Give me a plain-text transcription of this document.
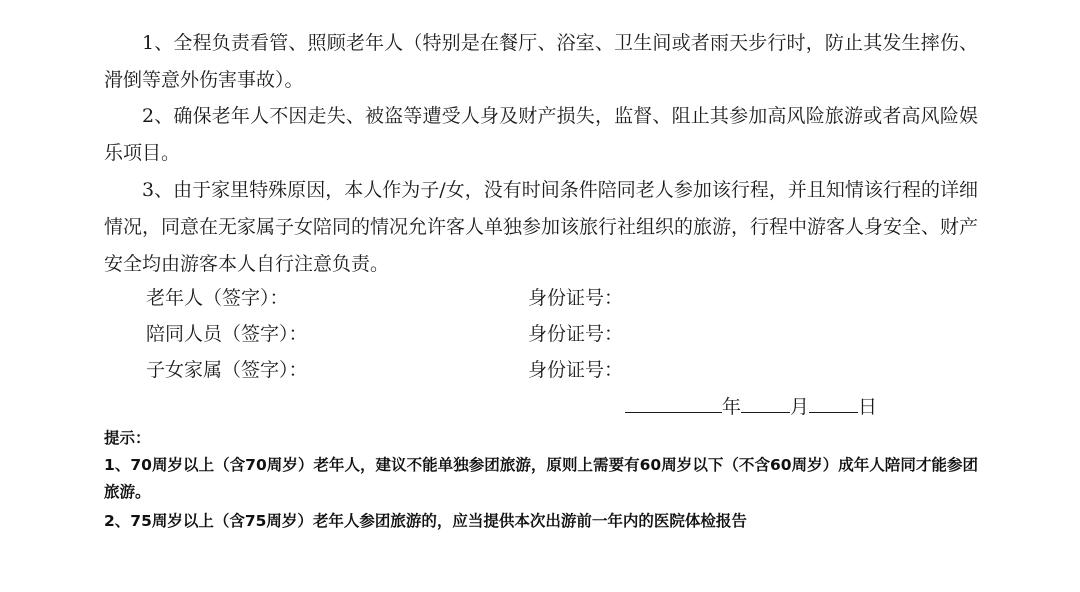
1、全程负责看管、照顾老年人（特别是在餐厅、浴室、卫生间或者雨天步行时，防止其发生摔伤、滑倒等意外伤害事故）。

2、确保老年人不因走失、被盗等遭受人身及财产损失，监督、阻止其参加高风险旅游或者高风险娱乐项目。

3、由于家里特殊原因，本人作为子/女，没有时间条件陪同老人参加该行程，并且知情该行程的详细情况，同意在无家属子女陪同的情况允许客人单独参加该旅行社组织的旅游，行程中游客人身安全、财产安全均由游客本人自行注意负责。

老年人（签字）：	身份证号：
陪同人员（签字）：	身份证号：
子女家属（签字）：	身份证号：
年	月	日

提示：

1、70周岁以上（含70周岁）老年人，建议不能单独参团旅游，原则上需要有60周岁以下（不含60周岁）成年人陪同才能参团旅游。

2、75周岁以上（含75周岁）老年人参团旅游的，应当提供本次出游前一年内的医院体检报告
